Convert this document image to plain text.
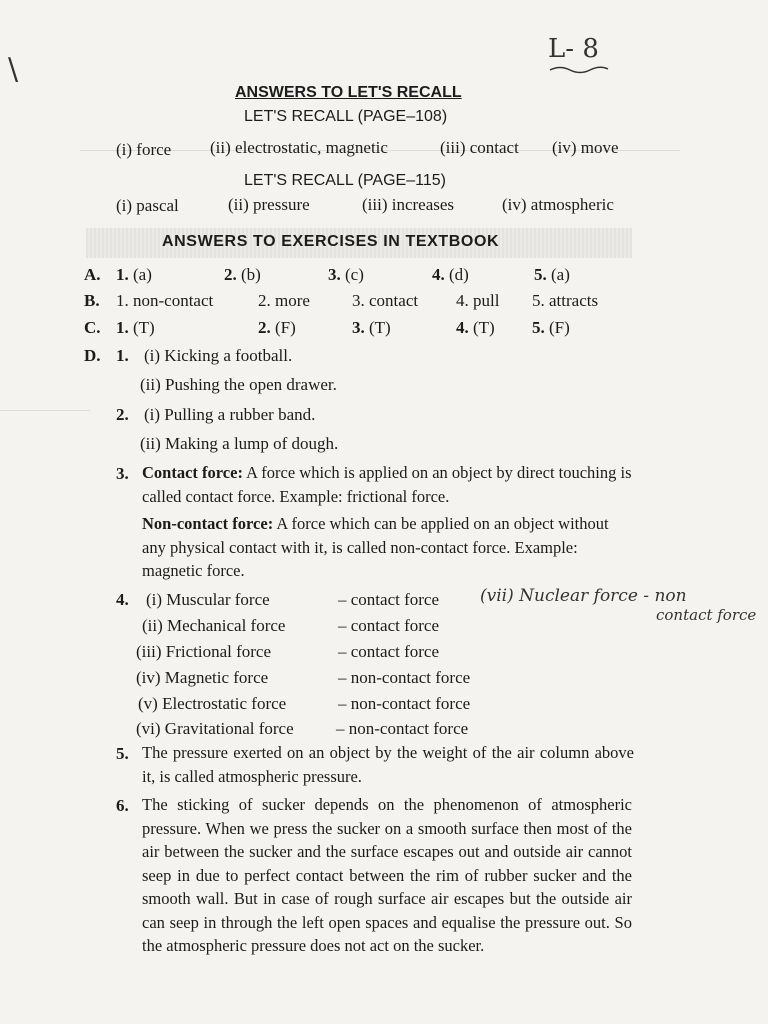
\
L- 8
ANSWERS TO LET'S RECALL
LET'S RECALL (PAGE–108)
(i) force (ii) electrostatic, magnetic	(iii) contact (iv) move
LET'S RECALL (PAGE–115)
(i) pascal	(ii) pressure	(iii) increases	(iv) atmospheric
ANSWERS TO EXERCISES IN TEXTBOOK
A. 1. (a)	2. (b)	3. (c)	4. (d)	5. (a)
B. 1. non-contact	2. more 3. contact 4. pull 5. attracts
C. 1. (T)	2. (F)	3. (T)	4. (T) 5. (F)
D. 1. (i) Kicking a football.
(ii) Pushing the open drawer.
2. (i) Pulling a rubber band.
(ii) Making a lump of dough.
3. Contact force: A force which is applied on an object by direct touching is called contact force. Example: frictional force.
Non-contact force: A force which can be applied on an object without any physical contact with it, is called non-contact force. Example: magnetic force.
4. (i) Muscular force	– contact force
(ii) Mechanical force	– contact force
(iii) Frictional force	– contact force
(iv) Magnetic force	– non-contact force
(v) Electrostatic force	– non-contact force
(vi) Gravitational force – non-contact force
(vii) Nuclear force - non
contact force
5. The pressure exerted on an object by the weight of the air column above it, is called atmospheric pressure.
6. The sticking of sucker depends on the phenomenon of atmospheric pressure. When we press the sucker on a smooth surface then most of the air between the sucker and the surface escapes out and outside air cannot seep in due to perfect contact between the rim of rubber sucker and the smooth wall. But in case of rough surface air escapes but the outside air can seep in through the left open spaces and equalise the pressure out. So the atmospheric pressure does not act on the sucker.
